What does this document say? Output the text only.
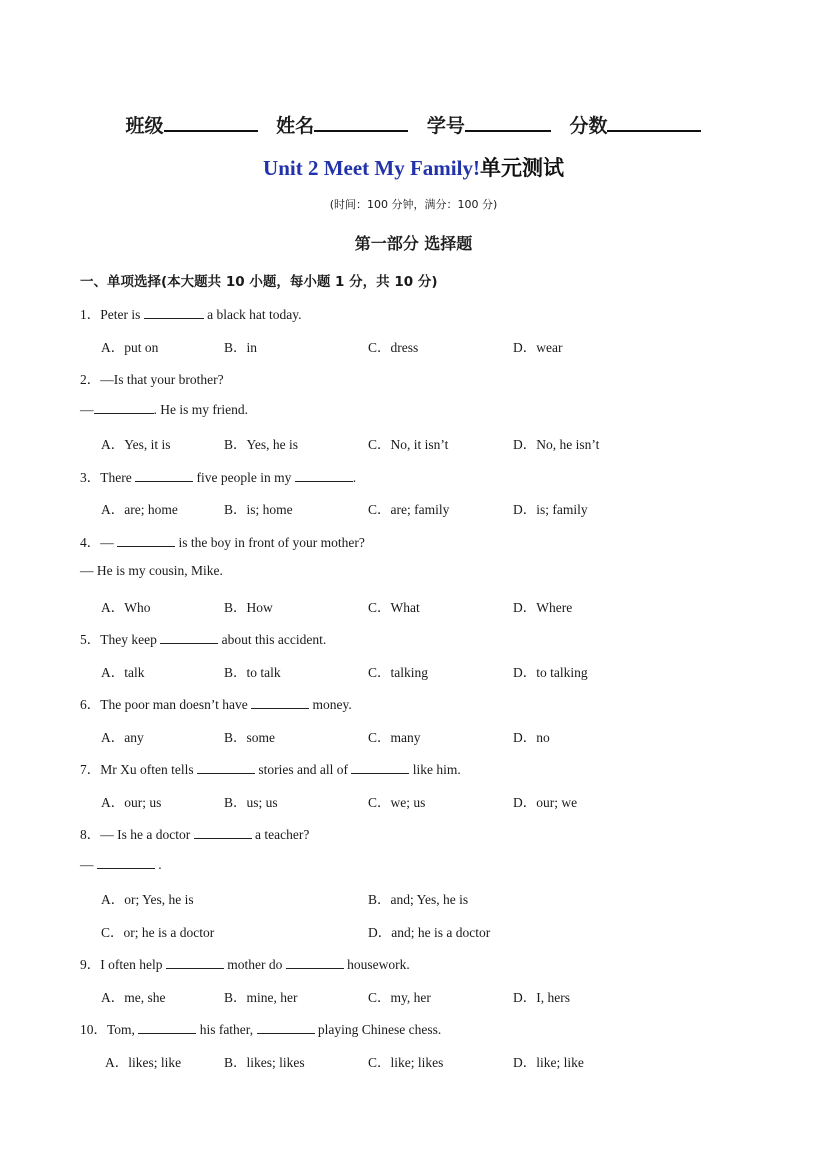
班级	姓名	学号	分数
Unit 2 Meet My Family!单元测试
(时间：100 分钟，满分：100 分)
第一部分 选择题
一、单项选择(本大题共 10 小题，每小题 1 分，共 10 分)
1．Peter is	a black hat today.
A．put on	B．in	C．dress	D．wear
2．—Is that your brother?
—	. He is my friend.
A．Yes, it is	B．Yes, he is	C．No, it isn’t	D．No, he isn’t
3．There	five people in my	.
A．are; home	B．is; home	C．are; family	D．is; family
4．—	is the boy in front of your mother?
— He is my cousin, Mike.
A．Who	B．How	C．What	D．Where
5．They keep	about this accident.
A．talk	B．to talk	C．talking	D．to talking
6．The poor man doesn’t have	money.
A．any	B．some	C．many	D．no
7．Mr Xu often tells	stories and all of	like him.
A．our; us	B．us; us	C．we; us	D．our; we
8．— Is he a doctor	a teacher?
—	.
A．or; Yes, he is	B．and; Yes, he is
C．or; he is a doctor	D．and; he is a doctor
9．I often help	mother do	housework.
A．me, she	B．mine, her	C．my, her	D．I, hers
10．Tom,	his father,	playing Chinese chess.
A．likes; like	B．likes; likes	C．like; likes	D．like; like
